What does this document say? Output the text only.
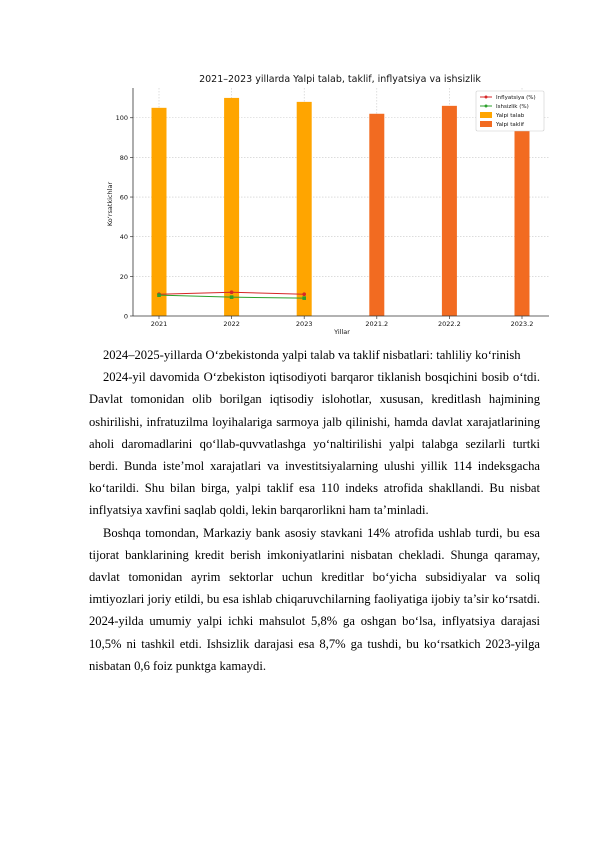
2021–2023 yillarda Yalpi talab, taklif, inflyatsiya va ishsizlik
0
20
40
60
80
100
2021	2022	2023	2021.2	2022.2	2023.2
Yillar
Ko‘rsatkichlar
Inflyatsiya (%)
Ishsizlik (%)
Yalpi talab
Yalpi taklif

2024–2025-yillarda O‘zbekistonda yalpi talab va taklif nisbatlari: tahliliy ko‘rinish

2024-yil davomida O‘zbekiston iqtisodiyoti barqaror tiklanish bosqichini bosib o‘tdi. Davlat tomonidan olib borilgan iqtisodiy islohotlar, xususan, kreditlash hajmining oshirilishi, infratuzilma loyihalariga sarmoya jalb qilinishi, hamda davlat xarajatlarining aholi daromadlarini qo‘llab-quvvatlashga yo‘naltirilishi yalpi talabga sezilarli turtki berdi. Bunda iste’mol xarajatlari va investitsiyalarning ulushi yillik 114 indeksgacha ko‘tarildi. Shu bilan birga, yalpi taklif esa 110 indeks atrofida shakllandi. Bu nisbat inflyatsiya xavfini saqlab qoldi, lekin barqarorlikni ham ta’minladi.

Boshqa tomondan, Markaziy bank asosiy stavkani 14% atrofida ushlab turdi, bu esa tijorat banklarining kredit berish imkoniyatlarini nisbatan chekladi. Shunga qaramay, davlat tomonidan ayrim sektorlar uchun kreditlar bo‘yicha subsidiyalar va soliq imtiyozlari joriy etildi, bu esa ishlab chiqaruvchilarning faoliyatiga ijobiy ta’sir ko‘rsatdi. 2024-yilda umumiy yalpi ichki mahsulot 5,8% ga oshgan bo‘lsa, inflyatsiya darajasi 10,5% ni tashkil etdi. Ishsizlik darajasi esa 8,7% ga tushdi, bu ko‘rsatkich 2023-yilga nisbatan 0,6 foiz punktga kamaydi.
